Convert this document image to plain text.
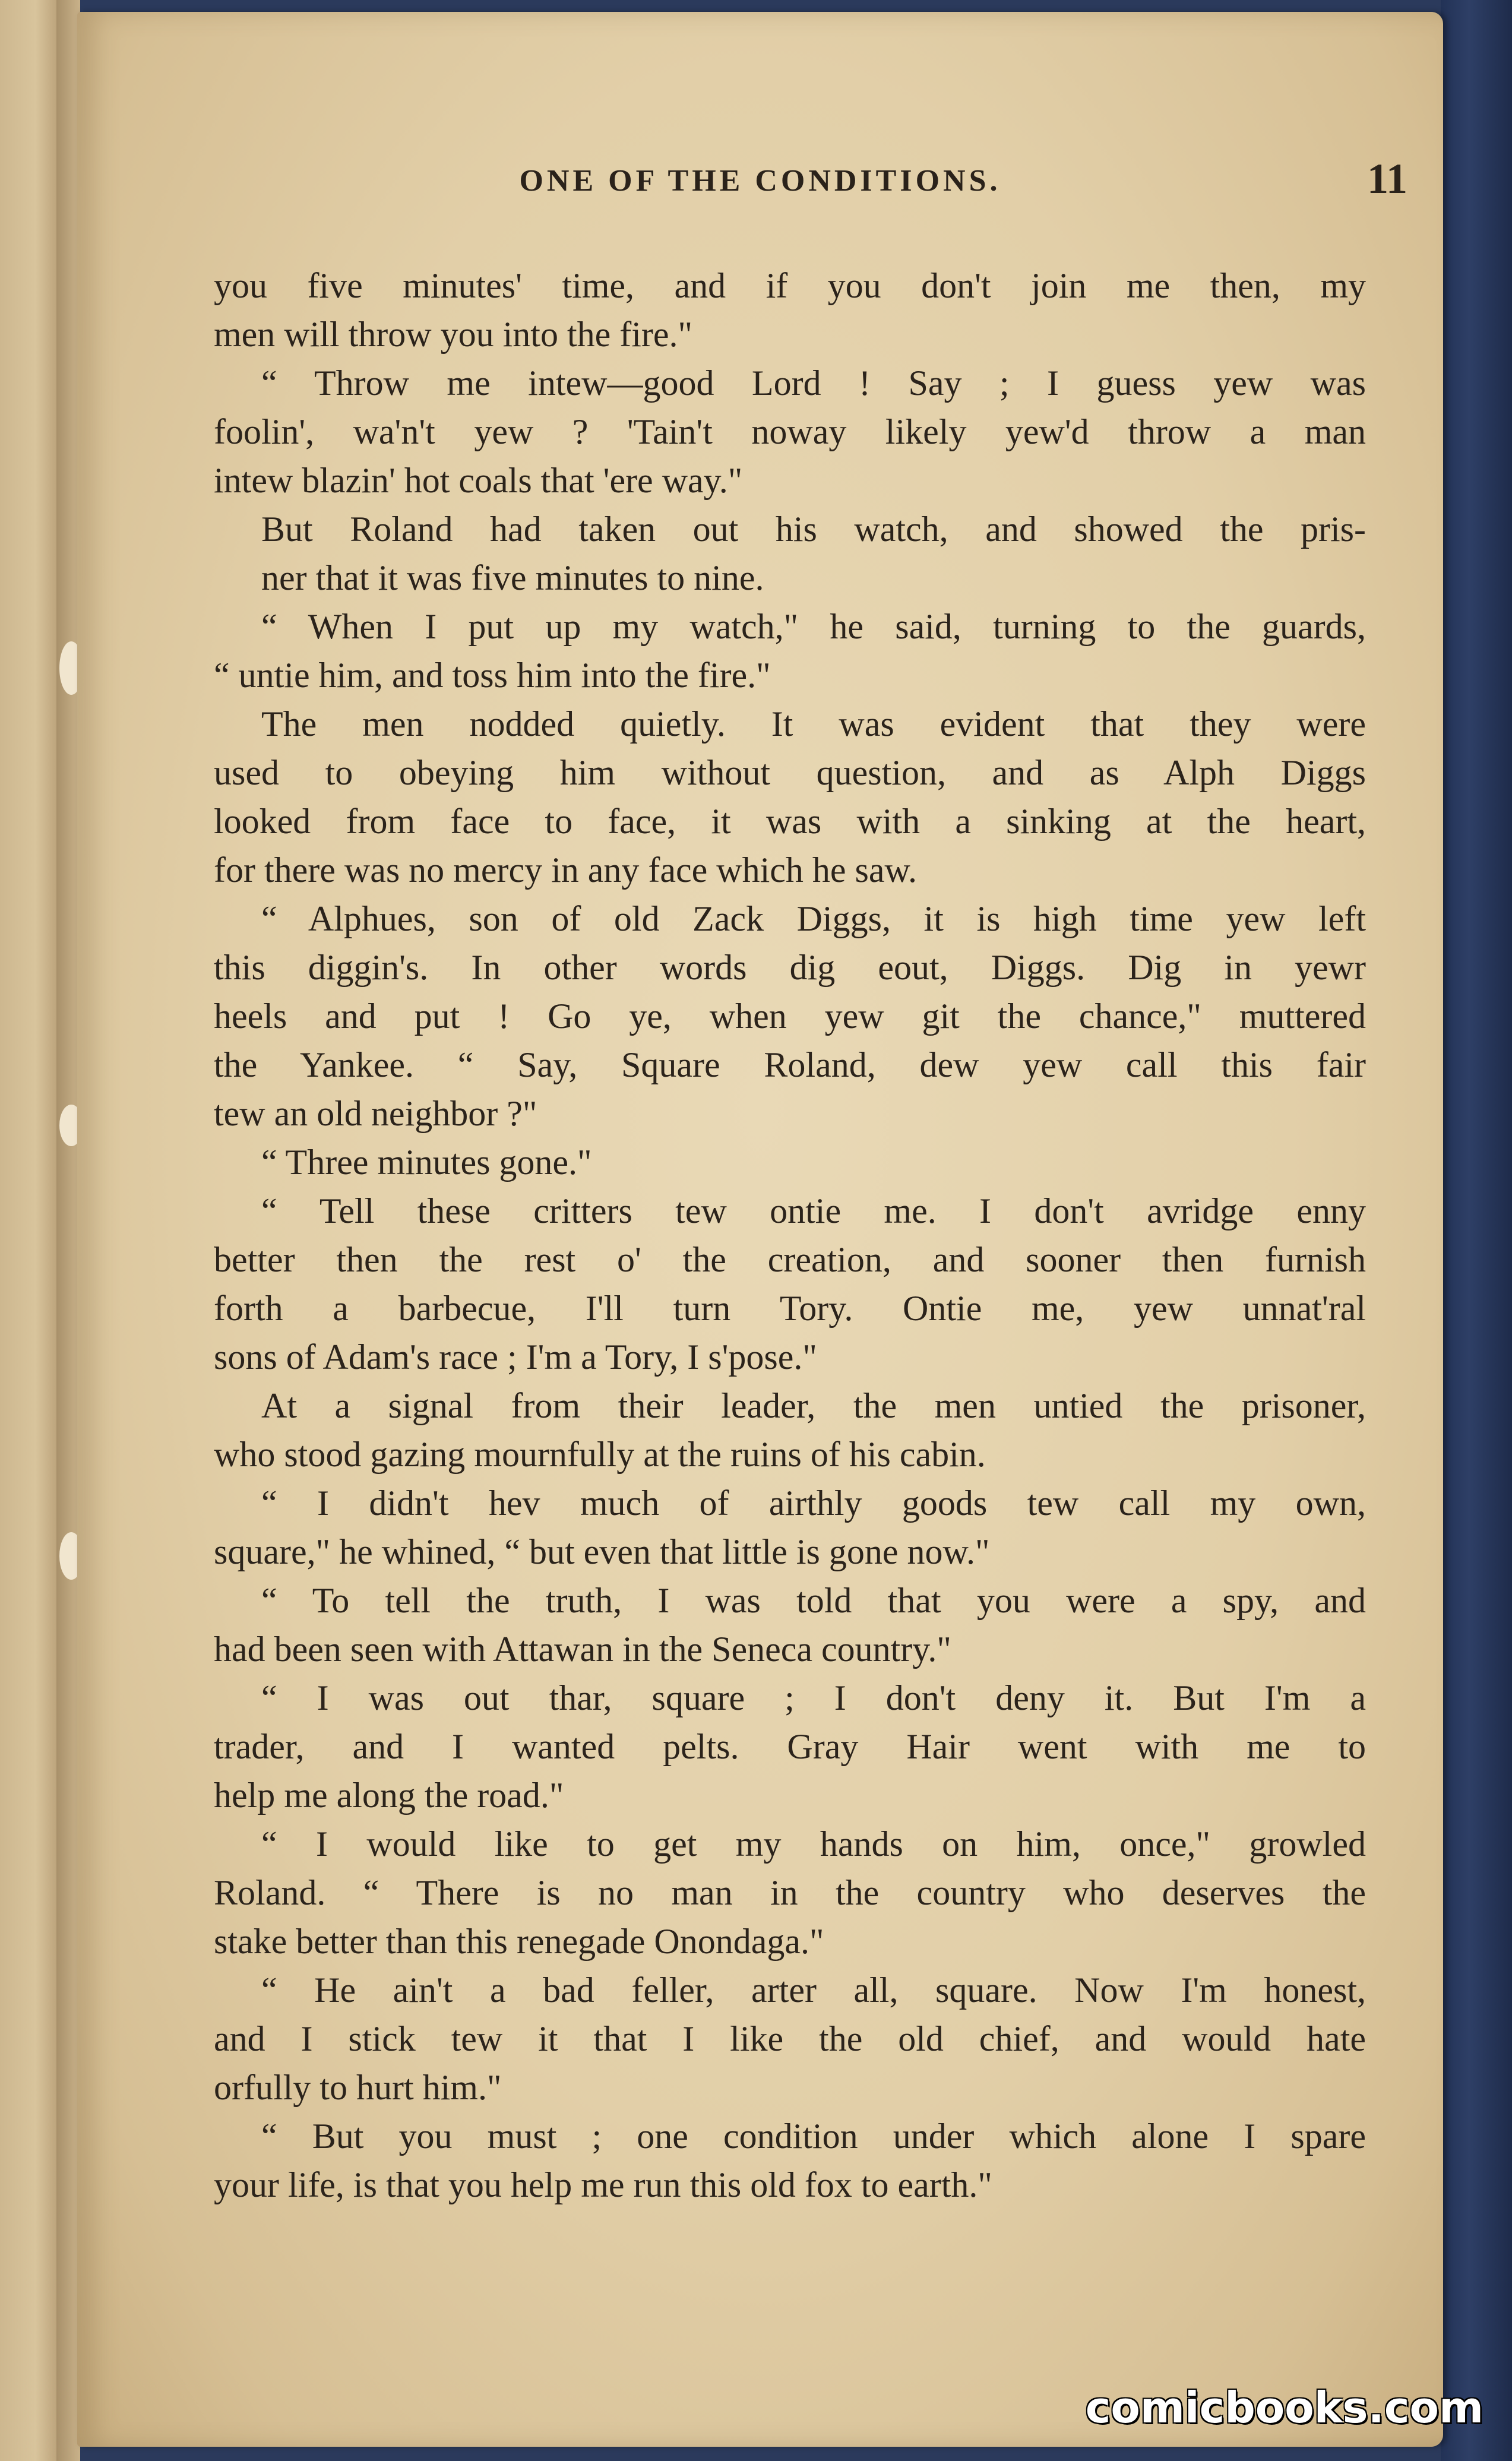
ONE OF THE CONDITIONS.	11
you five minutes' time, and if you don't join me then, my
men will throw you into the fire."
“ Throw me intew—good Lord ! Say ; I guess yew was
foolin', wa'n't yew ? 'Tain't noway likely yew'd throw a man
intew blazin' hot coals that 'ere way."
But Roland had taken out his watch, and showed the pris-
ner that it was five minutes to nine.
“ When I put up my watch," he said, turning to the guards,
“ untie him, and toss him into the fire."
The men nodded quietly. It was evident that they were
used to obeying him without question, and as Alph Diggs
looked from face to face, it was with a sinking at the heart,
for there was no mercy in any face which he saw.
“ Alphues, son of old Zack Diggs, it is high time yew left
this diggin's. In other words dig eout, Diggs. Dig in yewr
heels and put ! Go ye, when yew git the chance," muttered
the Yankee. “ Say, Square Roland, dew yew call this fair
tew an old neighbor ?"
“ Three minutes gone."
“ Tell these critters tew ontie me. I don't avridge enny
better then the rest o' the creation, and sooner then furnish
forth a barbecue, I'll turn Tory. Ontie me, yew unnat'ral
sons of Adam's race ; I'm a Tory, I s'pose."
At a signal from their leader, the men untied the prisoner,
who stood gazing mournfully at the ruins of his cabin.
“ I didn't hev much of airthly goods tew call my own,
square," he whined, “ but even that little is gone now."
“ To tell the truth, I was told that you were a spy, and
had been seen with Attawan in the Seneca country."
“ I was out thar, square ; I don't deny it. But I'm a
trader, and I wanted pelts. Gray Hair went with me to
help me along the road."
“ I would like to get my hands on him, once," growled
Roland. “ There is no man in the country who deserves the
stake better than this renegade Onondaga."
“ He ain't a bad feller, arter all, square. Now I'm honest,
and I stick tew it that I like the old chief, and would hate
orfully to hurt him."
“ But you must ; one condition under which alone I spare
your life, is that you help me run this old fox to earth."
comicbooks.com
